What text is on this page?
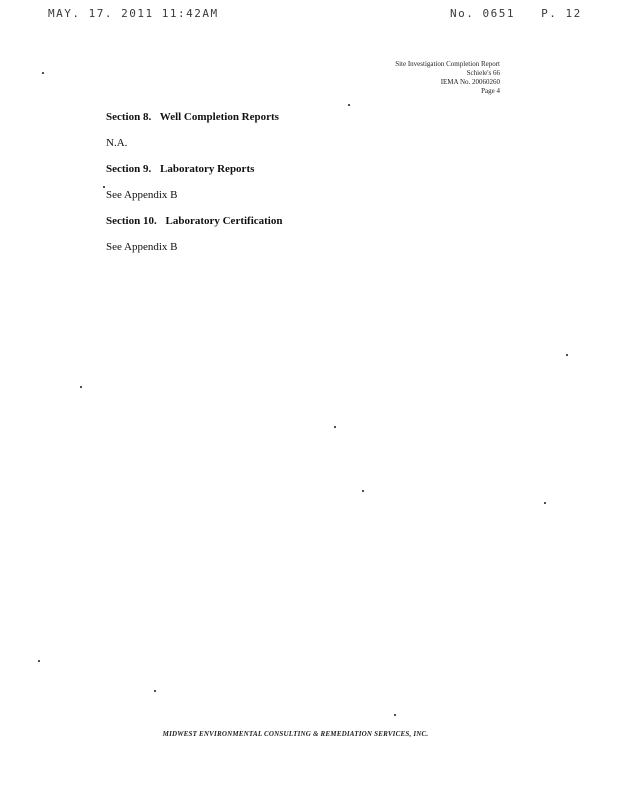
MAY. 17. 2011 11:42AM	No. 0651 P. 12
Site Investigation Completion Report
Schiele's 66
IEMA No. 20060260
Page 4
Section 8. Well Completion Reports
N.A.
Section 9. Laboratory Reports
See Appendix B
Section 10. Laboratory Certification
See Appendix B
MIDWEST ENVIRONMENTAL CONSULTING & REMEDIATION SERVICES, INC.
